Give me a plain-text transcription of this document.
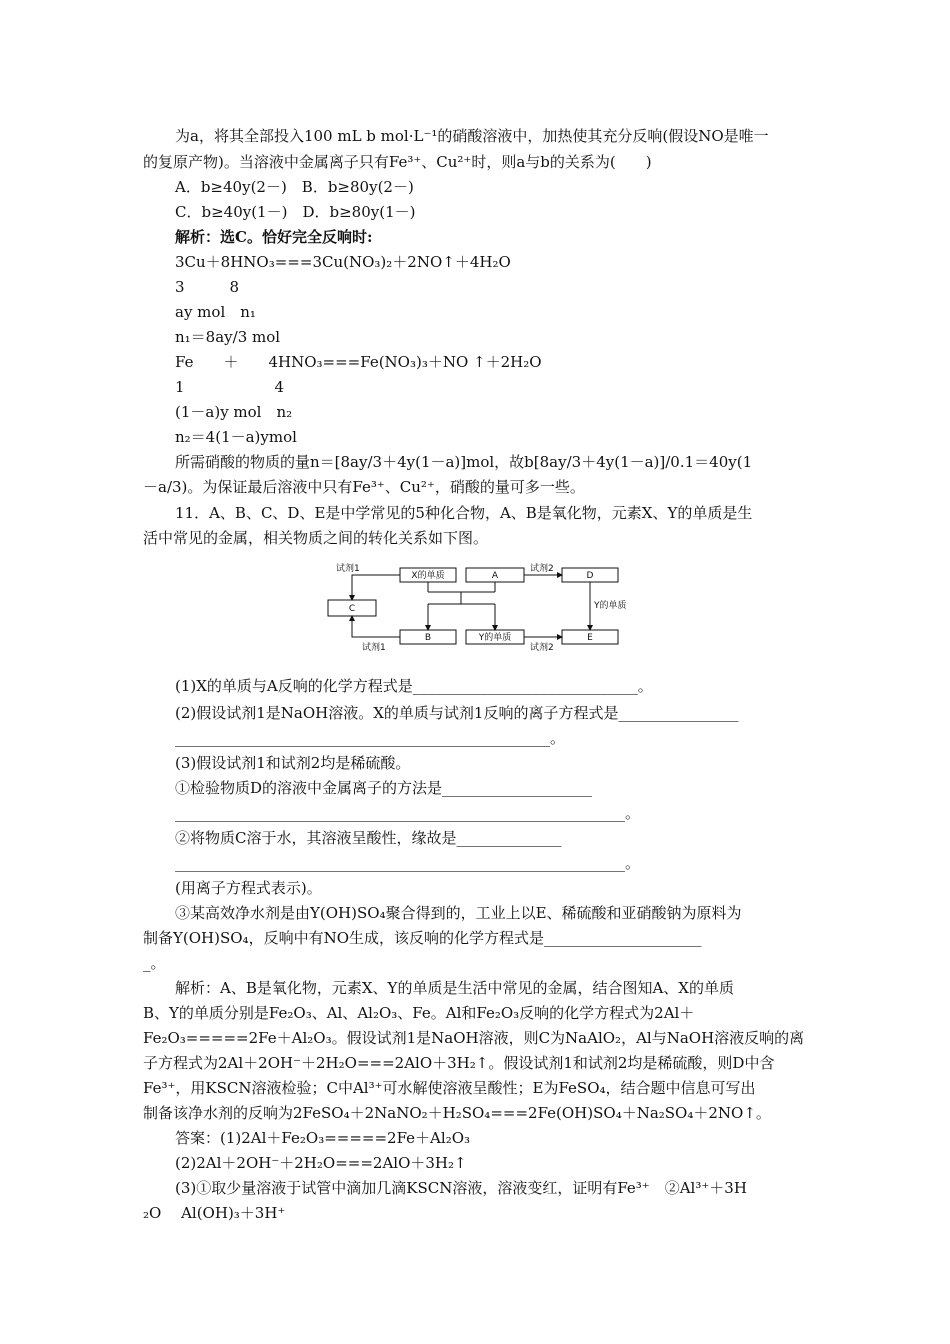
为a，将其全部投入100 mL b mol·L⁻¹的硝酸溶液中，加热使其充分反响(假设NO是唯一
的复原产物)。当溶液中金属离子只有Fe³⁺、Cu²⁺时，则a与b的关系为(　　)
A．b≥40y(2－)　B．b≥80y(2－)
C．b≥40y(1－)　D．b≥80y(1－)
解析：选C。恰好完全反响时:
3Cu＋8HNO₃===3Cu(NO₃)₂＋2NO↑＋4H₂O
3　　　8
ay mol　n₁
n₁＝8ay/3 mol
Fe　　＋　　4HNO₃===Fe(NO₃)₃＋NO ↑＋2H₂O
1　　　　　　4
(1－a)y mol　n₂
n₂＝4(1－a)ymol
所需硝酸的物质的量n＝[8ay/3＋4y(1－a)]mol，故b[8ay/3＋4y(1－a)]/0.1＝40y(1
－a/3)。为保证最后溶液中只有Fe³⁺、Cu²⁺，硝酸的量可多一些。
11．A、B、C、D、E是中学常见的5种化合物，A、B是氧化物，元素X、Y的单质是生
活中常见的金属，相关物质之间的转化关系如下图。
X的单质	A	D
C
B	Y的单质	E
试剂1
试剂1
试剂2
试剂2
Y的单质
(1)X的单质与A反响的化学方程式是______________________________。
(2)假设试剂1是NaOH溶液。X的单质与试剂1反响的离子方程式是________________
__________________________________________________。
(3)假设试剂1和试剂2均是稀硫酸。
①检验物质D的溶液中金属离子的方法是____________________
____________________________________________________________。
②将物质C溶于水，其溶液呈酸性，缘故是______________
____________________________________________________________。
(用离子方程式表示)。
③某高效净水剂是由Y(OH)SO₄聚合得到的，工业上以E、稀硫酸和亚硝酸钠为原料为
制备Y(OH)SO₄，反响中有NO生成，该反响的化学方程式是_____________________
_。
解析：A、B是氧化物，元素X、Y的单质是生活中常见的金属，结合图知A、X的单质
B、Y的单质分别是Fe₂O₃、Al、Al₂O₃、Fe。Al和Fe₂O₃反响的化学方程式为2Al＋
Fe₂O₃=====2Fe＋Al₂O₃。假设试剂1是NaOH溶液，则C为NaAlO₂，Al与NaOH溶液反响的离
子方程式为2Al＋2OH⁻＋2H₂O===2AlO＋3H₂↑。假设试剂1和试剂2均是稀硫酸，则D中含
Fe³⁺，用KSCN溶液检验；C中Al³⁺可水解使溶液呈酸性；E为FeSO₄，结合题中信息可写出
制备该净水剂的反响为2FeSO₄＋2NaNO₂＋H₂SO₄===2Fe(OH)SO₄＋Na₂SO₄＋2NO↑。
答案：(1)2Al＋Fe₂O₃=====2Fe＋Al₂O₃
(2)2Al＋2OH⁻＋2H₂O===2AlO＋3H₂↑
(3)①取少量溶液于试管中滴加几滴KSCN溶液，溶液变红，证明有Fe³⁺　②Al³⁺＋3H
₂O　 Al(OH)₃＋3H⁺
